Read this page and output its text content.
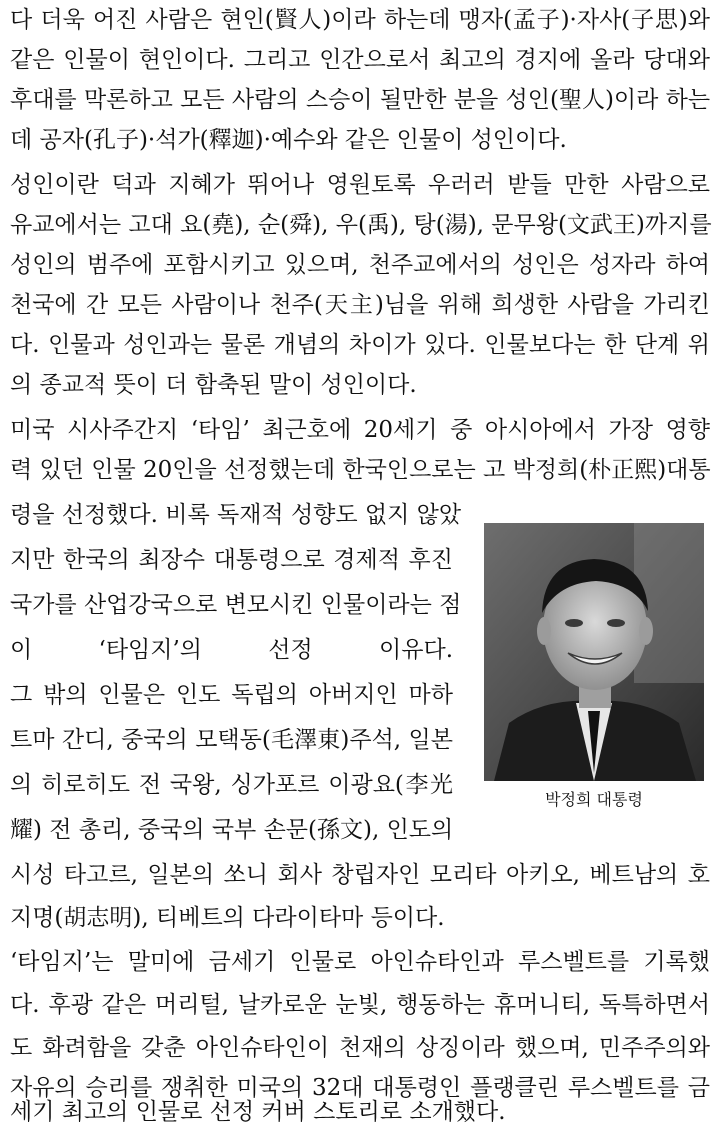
다 더욱 어진 사람은 현인(賢人)이라 하는데 맹자(孟子)·자사(子思)와
같은 인물이 현인이다. 그리고 인간으로서 최고의 경지에 올라 당대와
후대를 막론하고 모든 사람의 스승이 될만한 분을 성인(聖人)이라 하는
데 공자(孔子)·석가(釋迦)·예수와 같은 인물이 성인이다.
성인이란 덕과 지혜가 뛰어나 영원토록 우러러 받들 만한 사람으로
유교에서는 고대 요(堯), 순(舜), 우(禹), 탕(湯), 문무왕(文武王)까지를
성인의 범주에 포함시키고 있으며, 천주교에서의 성인은 성자라 하여
천국에 간 모든 사람이나 천주(天主)님을 위해 희생한 사람을 가리킨
다. 인물과 성인과는 물론 개념의 차이가 있다. 인물보다는 한 단계 위
의 종교적 뜻이 더 함축된 말이 성인이다.
미국 시사주간지 ‘타임’ 최근호에 20세기 중 아시아에서 가장 영향
력 있던 인물 20인을 선정했는데 한국인으로는 고 박정희(朴正熙)대통
령을 선정했다. 비록 독재적 성향도 없지 않았
지만 한국의 최장수 대통령으로 경제적 후진
국가를 산업강국으로 변모시킨 인물이라는 점
이 ‘타임지’의 선정 이유다.
그 밖의 인물은 인도 독립의 아버지인 마하
트마 간디, 중국의 모택동(毛澤東)주석, 일본
의 히로히도 전 국왕, 싱가포르 이광요(李光
耀) 전 총리, 중국의 국부 손문(孫文), 인도의
시성 타고르, 일본의 쏘니 회사 창립자인 모리타 아키오, 베트남의 호
지명(胡志明), 티베트의 다라이타마 등이다.
‘타임지’는 말미에 금세기 인물로 아인슈타인과 루스벨트를 기록했
다. 후광 같은 머리털, 날카로운 눈빛, 행동하는 휴머니티, 독특하면서
도 화려함을 갖춘 아인슈타인이 천재의 상징이라 했으며, 민주주의와
자유의 승리를 쟁취한 미국의 32대 대통령인 플랭클린 루스벨트를 금
세기 최고의 인물로 선정 커버 스토리로 소개했다.
박정희 대통령
